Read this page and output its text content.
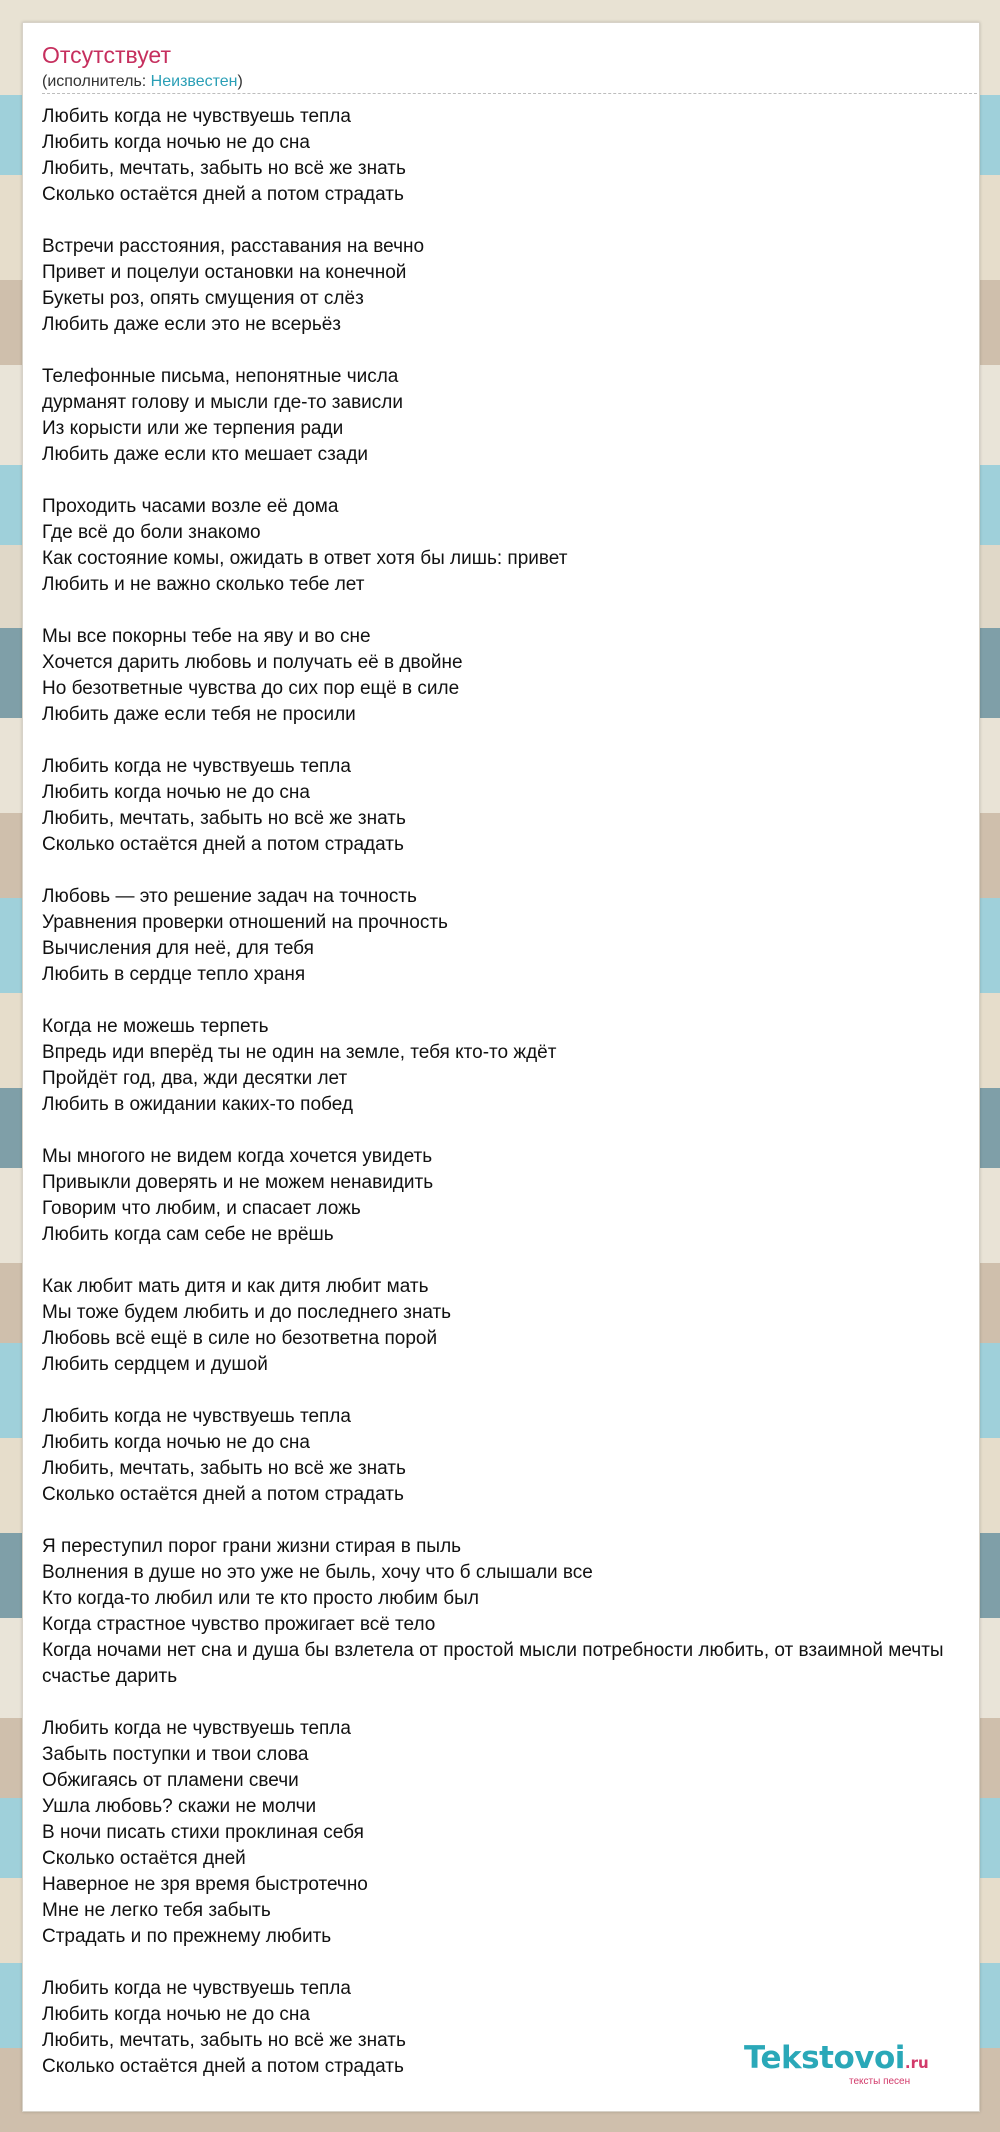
Отсутствует
(исполнитель: Неизвестен)
Любить когда не чувствуешь тепла
Любить когда ночью не до сна
Любить, мечтать, забыть но всё же знать
Сколько остаётся дней а потом страдать
Встречи расстояния, расставания на вечно
Привет и поцелуи остановки на конечной
Букеты роз, опять смущения от слёз
Любить даже если это не всерьёз
Телефонные письма, непонятные числа
дурманят голову и мысли где-то зависли
Из корысти или же терпения ради
Любить даже если кто мешает сзади
Проходить часами возле её дома
Где всё до боли знакомо
Как состояние комы, ожидать в ответ хотя бы лишь: привет
Любить и не важно сколько тебе лет
Мы все покорны тебе на яву и во сне
Хочется дарить любовь и получать её в двойне
Но безответные чувства до сих пор ещё в силе
Любить даже если тебя не просили
Любить когда не чувствуешь тепла
Любить когда ночью не до сна
Любить, мечтать, забыть но всё же знать
Сколько остаётся дней а потом страдать
Любовь — это решение задач на точность
Уравнения проверки отношений на прочность
Вычисления для неё, для тебя
Любить в сердце тепло храня
Когда не можешь терпеть
Впредь иди вперёд ты не один на земле, тебя кто-то ждёт
Пройдёт год, два, жди десятки лет
Любить в ожидании каких-то побед
Мы многого не видем когда хочется увидеть
Привыкли доверять и не можем ненавидить
Говорим что любим, и спасает ложь
Любить когда сам себе не врёшь
Как любит мать дитя и как дитя любит мать
Мы тоже будем любить и до последнего знать
Любовь всё ещё в силе но безответна порой
Любить сердцем и душой
Любить когда не чувствуешь тепла
Любить когда ночью не до сна
Любить, мечтать, забыть но всё же знать
Сколько остаётся дней а потом страдать
Я переступил порог грани жизни стирая в пыль
Волнения в душе но это уже не быль, хочу что б слышали все
Кто когда-то любил или те кто просто любим был
Когда страстное чувство прожигает всё тело
Когда ночами нет сна и душа бы взлетела от простой мысли потребности любить, от взаимной мечты
счастье дарить
Любить когда не чувствуешь тепла
Забыть поступки и твои слова
Обжигаясь от пламени свечи
Ушла любовь? скажи не молчи
В ночи писать стихи проклиная себя
Сколько остаётся дней
Наверное не зря время быстротечно
Мне не легко тебя забыть
Страдать и по прежнему любить
Любить когда не чувствуешь тепла
Любить когда ночью не до сна
Любить, мечтать, забыть но всё же знать
Сколько остаётся дней а потом страдать	Tekstovoi.ru
тексты песен
